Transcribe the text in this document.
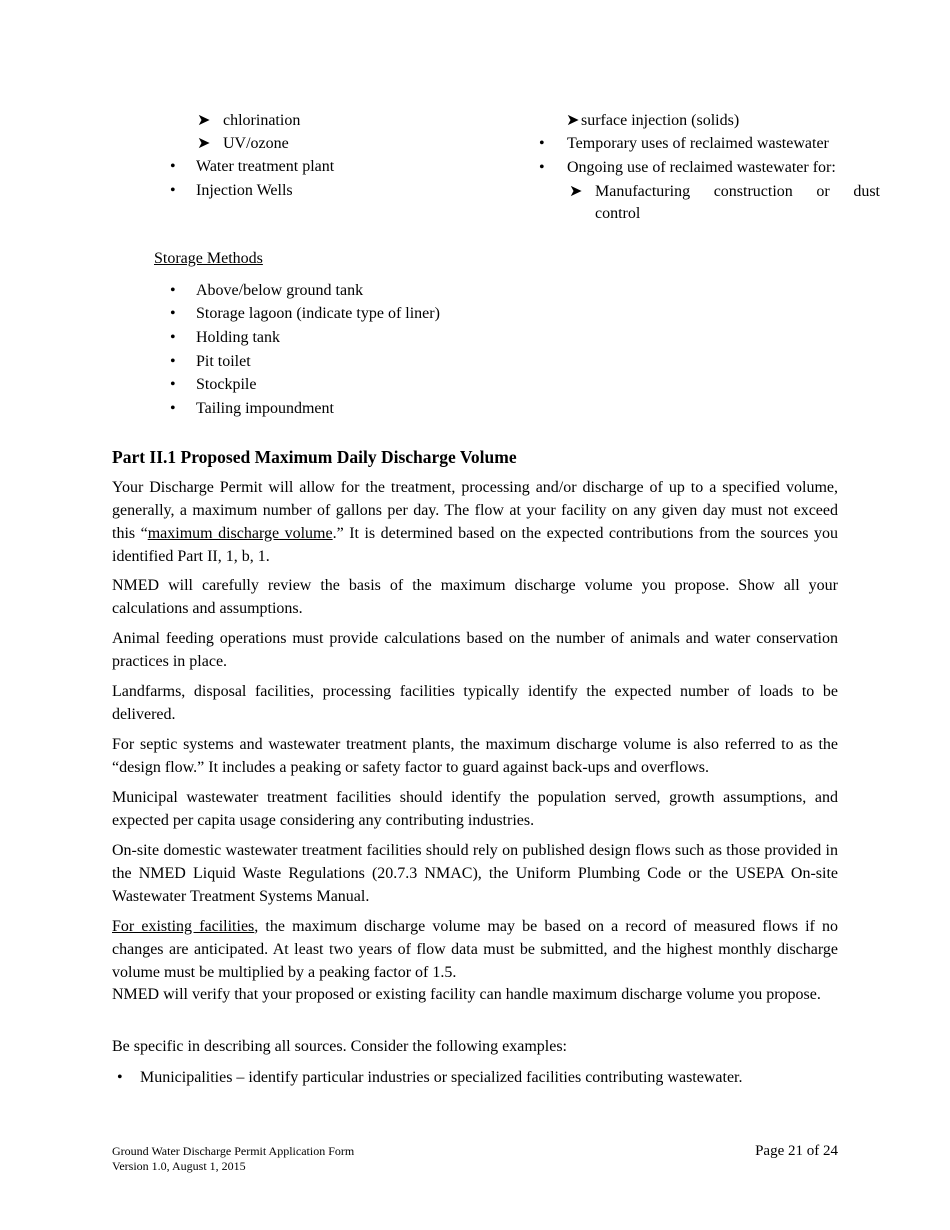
➤ chlorination
➤ UV/ozone
• Water treatment plant
• Injection Wells
➤ surface injection (solids)
• Temporary uses of reclaimed wastewater
• Ongoing use of reclaimed wastewater for:
➤ Manufacturing construction or dust
control
Storage Methods
• Above/below ground tank
• Storage lagoon (indicate type of liner)
• Holding tank
• Pit toilet
• Stockpile
• Tailing impoundment
Part II.1 Proposed Maximum Daily Discharge Volume

Your Discharge Permit will allow for the treatment, processing and/or discharge of up to a specified volume, generally, a maximum number of gallons per day. The flow at your facility on any given day must not exceed this “maximum discharge volume.” It is determined based on the expected contributions from the sources you identified Part II, 1, b, 1.

NMED will carefully review the basis of the maximum discharge volume you propose. Show all your calculations and assumptions.

Animal feeding operations must provide calculations based on the number of animals and water conservation practices in place.

Landfarms, disposal facilities, processing facilities typically identify the expected number of loads to be delivered.

For septic systems and wastewater treatment plants, the maximum discharge volume is also referred to as the “design flow.” It includes a peaking or safety factor to guard against back-ups and overflows.

Municipal wastewater treatment facilities should identify the population served, growth assumptions, and expected per capita usage considering any contributing industries.

On-site domestic wastewater treatment facilities should rely on published design flows such as those provided in the NMED Liquid Waste Regulations (20.7.3 NMAC), the Uniform Plumbing Code or the USEPA On-site Wastewater Treatment Systems Manual.

For existing facilities, the maximum discharge volume may be based on a record of measured flows if no changes are anticipated. At least two years of flow data must be submitted, and the highest monthly discharge volume must be multiplied by a peaking factor of 1.5.

NMED will verify that your proposed or existing facility can handle maximum discharge volume you propose.

Be specific in describing all sources. Consider the following examples:

• Municipalities – identify particular industries or specialized facilities contributing wastewater.
Ground Water Discharge Permit Application Form
Version 1.0, August 1, 2015
Page 21 of 24
